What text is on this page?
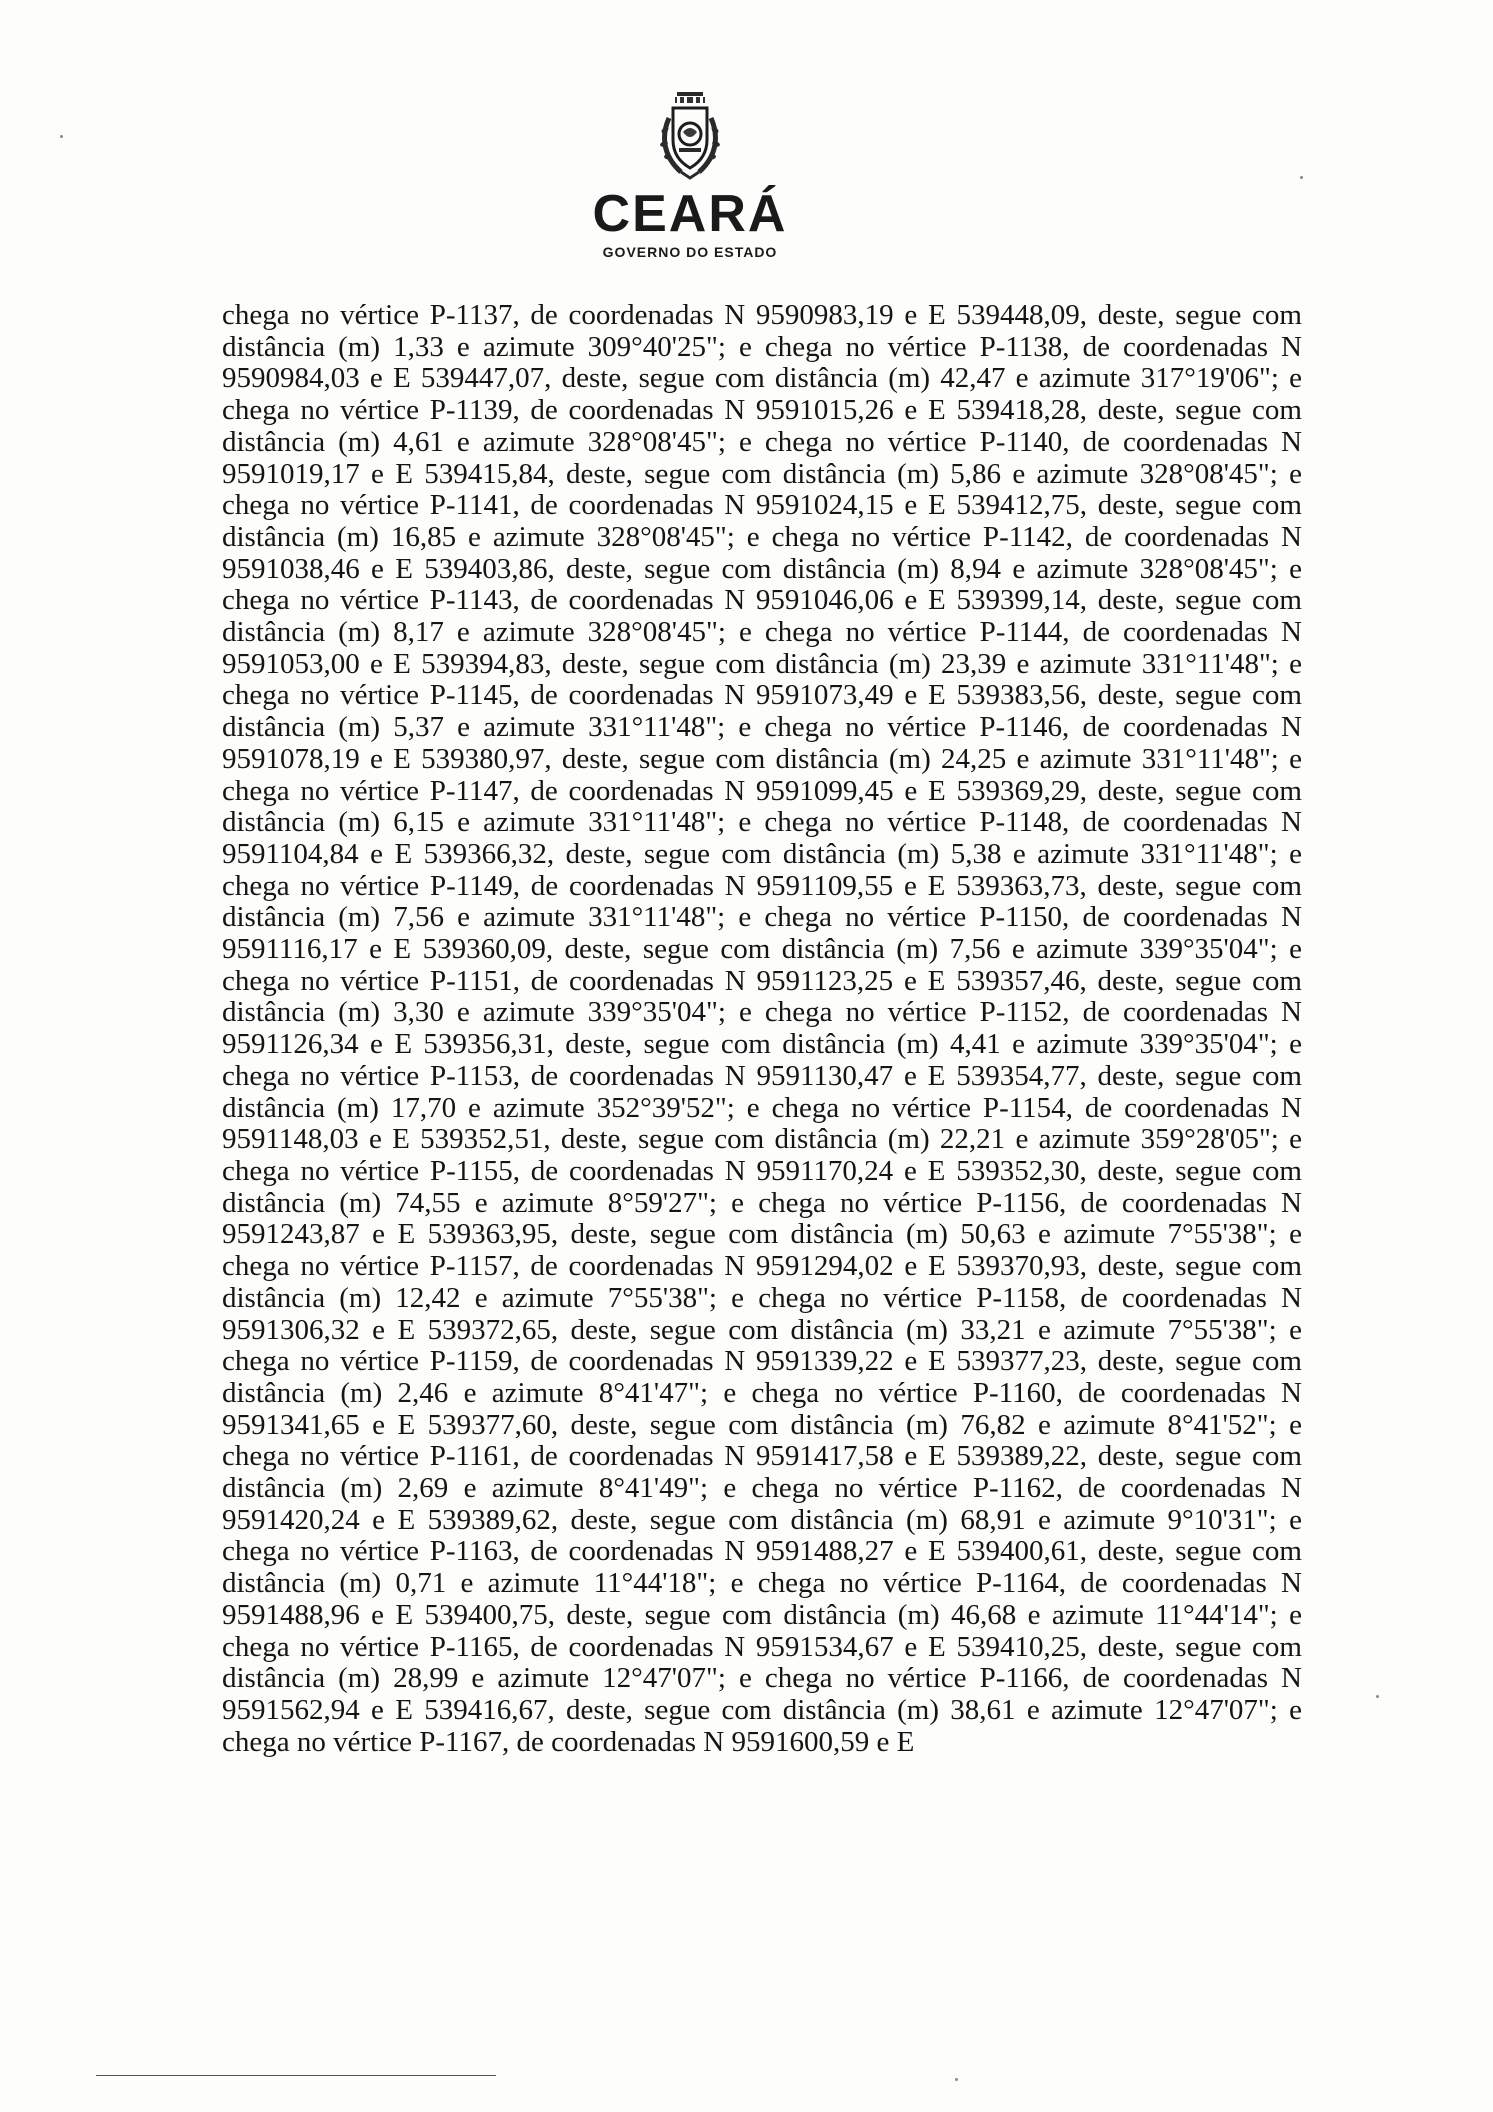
CEARÁ
GOVERNO DO ESTADO

chega no vértice P-1137, de coordenadas N 9590983,19 e E 539448,09, deste, segue com distância (m) 1,33 e azimute 309°40'25"; e chega no vértice P-1138, de coordenadas N 9590984,03 e E 539447,07, deste, segue com distância (m) 42,47 e azimute 317°19'06"; e chega no vértice P-1139, de coordenadas N 9591015,26 e E 539418,28, deste, segue com distância (m) 4,61 e azimute 328°08'45"; e chega no vértice P-1140, de coordenadas N 9591019,17 e E 539415,84, deste, segue com distância (m) 5,86 e azimute 328°08'45"; e chega no vértice P-1141, de coordenadas N 9591024,15 e E 539412,75, deste, segue com distância (m) 16,85 e azimute 328°08'45"; e chega no vértice P-1142, de coordenadas N 9591038,46 e E 539403,86, deste, segue com distância (m) 8,94 e azimute 328°08'45"; e chega no vértice P-1143, de coordenadas N 9591046,06 e E 539399,14, deste, segue com distância (m) 8,17 e azimute 328°08'45"; e chega no vértice P-1144, de coordenadas N 9591053,00 e E 539394,83, deste, segue com distância (m) 23,39 e azimute 331°11'48"; e chega no vértice P-1145, de coordenadas N 9591073,49 e E 539383,56, deste, segue com distância (m) 5,37 e azimute 331°11'48"; e chega no vértice P-1146, de coordenadas N 9591078,19 e E 539380,97, deste, segue com distância (m) 24,25 e azimute 331°11'48"; e chega no vértice P-1147, de coordenadas N 9591099,45 e E 539369,29, deste, segue com distância (m) 6,15 e azimute 331°11'48"; e chega no vértice P-1148, de coordenadas N 9591104,84 e E 539366,32, deste, segue com distância (m) 5,38 e azimute 331°11'48"; e chega no vértice P-1149, de coordenadas N 9591109,55 e E 539363,73, deste, segue com distância (m) 7,56 e azimute 331°11'48"; e chega no vértice P-1150, de coordenadas N 9591116,17 e E 539360,09, deste, segue com distância (m) 7,56 e azimute 339°35'04"; e chega no vértice P-1151, de coordenadas N 9591123,25 e E 539357,46, deste, segue com distância (m) 3,30 e azimute 339°35'04"; e chega no vértice P-1152, de coordenadas N 9591126,34 e E 539356,31, deste, segue com distância (m) 4,41 e azimute 339°35'04"; e chega no vértice P-1153, de coordenadas N 9591130,47 e E 539354,77, deste, segue com distância (m) 17,70 e azimute 352°39'52"; e chega no vértice P-1154, de coordenadas N 9591148,03 e E 539352,51, deste, segue com distância (m) 22,21 e azimute 359°28'05"; e chega no vértice P-1155, de coordenadas N 9591170,24 e E 539352,30, deste, segue com distância (m) 74,55 e azimute 8°59'27"; e chega no vértice P-1156, de coordenadas N 9591243,87 e E 539363,95, deste, segue com distância (m) 50,63 e azimute 7°55'38"; e chega no vértice P-1157, de coordenadas N 9591294,02 e E 539370,93, deste, segue com distância (m) 12,42 e azimute 7°55'38"; e chega no vértice P-1158, de coordenadas N 9591306,32 e E 539372,65, deste, segue com distância (m) 33,21 e azimute 7°55'38"; e chega no vértice P-1159, de coordenadas N 9591339,22 e E 539377,23, deste, segue com distância (m) 2,46 e azimute 8°41'47"; e chega no vértice P-1160, de coordenadas N 9591341,65 e E 539377,60, deste, segue com distância (m) 76,82 e azimute 8°41'52"; e chega no vértice P-1161, de coordenadas N 9591417,58 e E 539389,22, deste, segue com distância (m) 2,69 e azimute 8°41'49"; e chega no vértice P-1162, de coordenadas N 9591420,24 e E 539389,62, deste, segue com distância (m) 68,91 e azimute 9°10'31"; e chega no vértice P-1163, de coordenadas N 9591488,27 e E 539400,61, deste, segue com distância (m) 0,71 e azimute 11°44'18"; e chega no vértice P-1164, de coordenadas N 9591488,96 e E 539400,75, deste, segue com distância (m) 46,68 e azimute 11°44'14"; e chega no vértice P-1165, de coordenadas N 9591534,67 e E 539410,25, deste, segue com distância (m) 28,99 e azimute 12°47'07"; e chega no vértice P-1166, de coordenadas N 9591562,94 e E 539416,67, deste, segue com distância (m) 38,61 e azimute 12°47'07"; e chega no vértice P-1167, de coordenadas N 9591600,59 e E
